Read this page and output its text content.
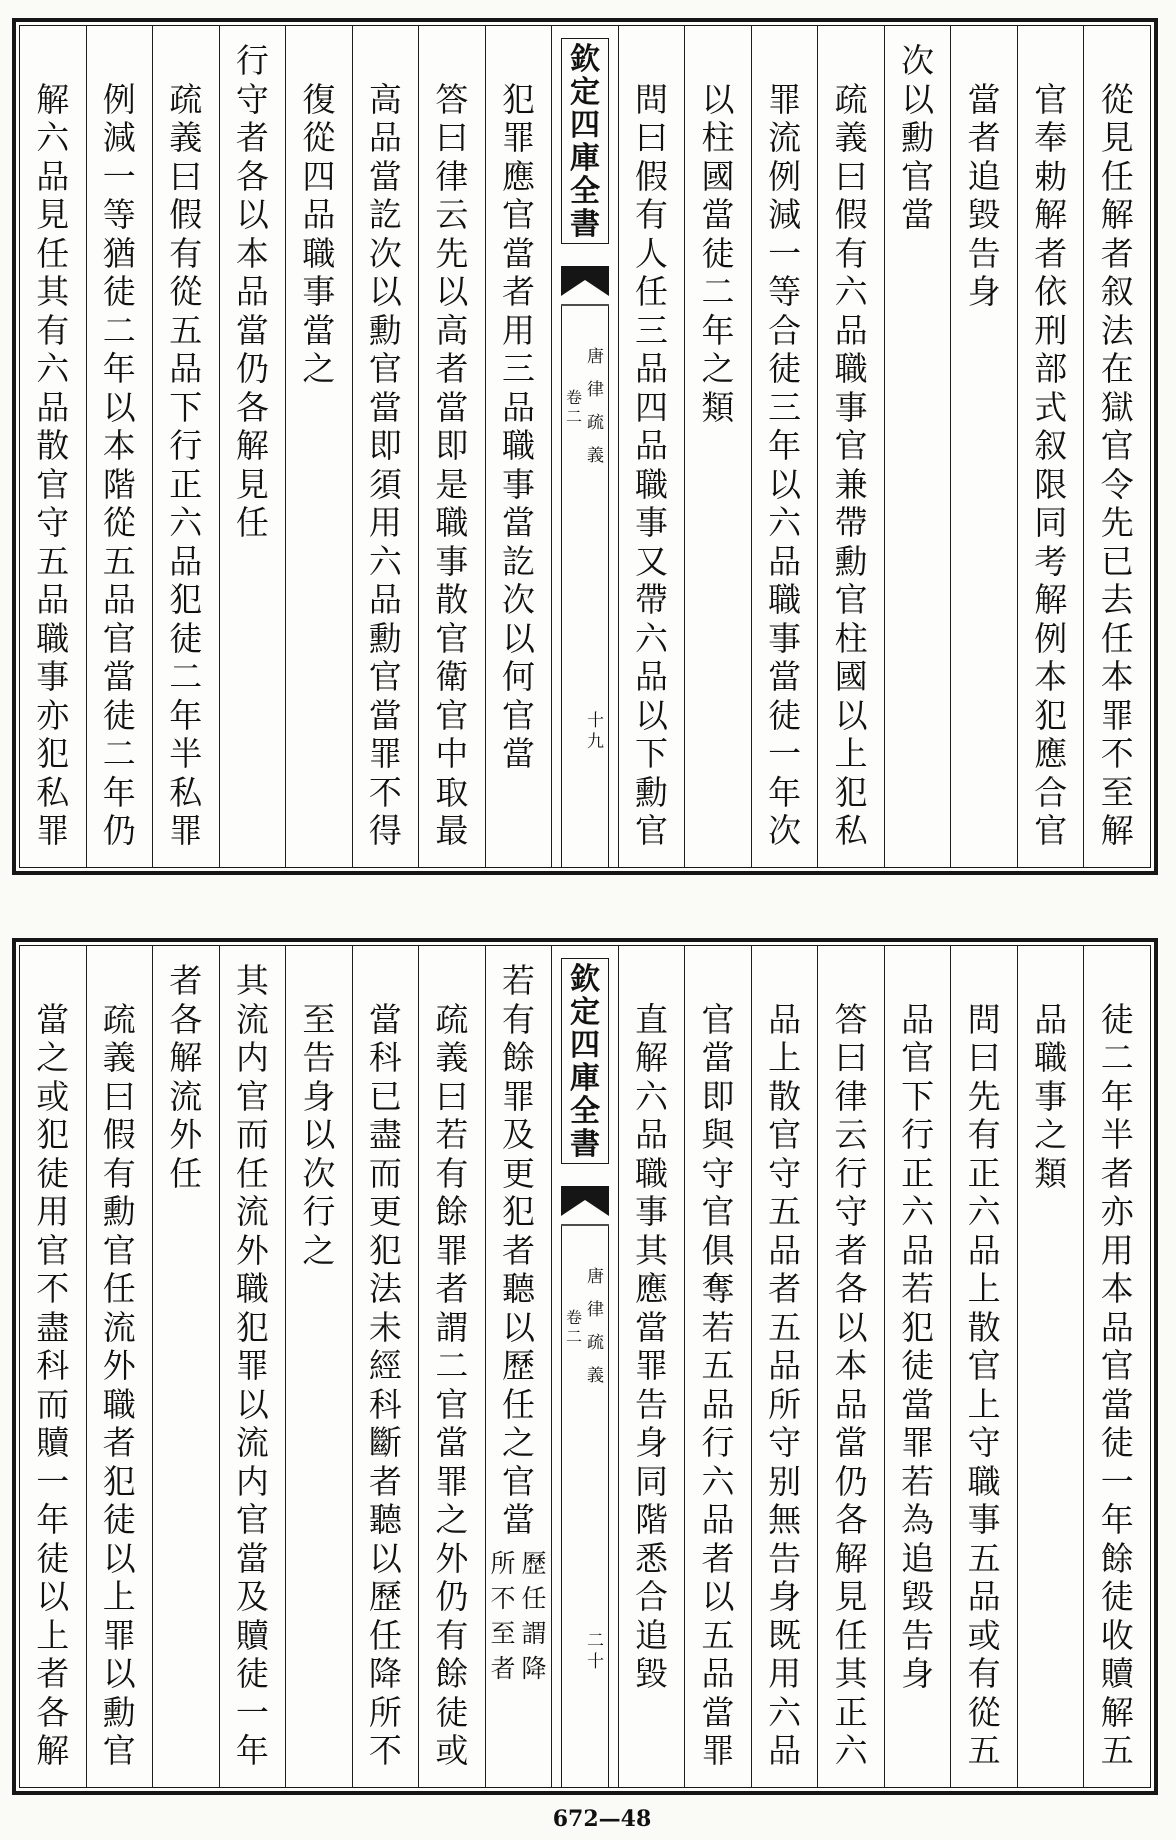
從見任解者叙法在獄官令先已去任本罪不至解
官奉勅解者依刑部式叙限同考解例本犯應合官
當者追毀告身
次以勳官當
疏義曰假有六品職事官兼帶勳官柱國以上犯私
罪流例減一等合徒三年以六品職事當徒一年次
以柱國當徒二年之類
問曰假有人任三品四品職事又帶六品以下勳官
欽定四庫全書
唐律疏義
卷二
十九
犯罪應官當者用三品職事當訖次以何官當
答曰律云先以高者當即是職事散官衛官中取最
高品當訖次以勳官當即須用六品勳官當罪不得
復從四品職事當之
行守者各以本品當仍各解見任
疏義曰假有從五品下行正六品犯徒二年半私罪
例減一等猶徒二年以本階從五品官當徒二年仍
解六品見任其有六品散官守五品職事亦犯私罪
徒二年半者亦用本品官當徒一年餘徒收贖解五
品職事之類
問曰先有正六品上散官上守職事五品或有從五
品官下行正六品若犯徒當罪若為追毀告身
答曰律云行守者各以本品當仍各解見任其正六
品上散官守五品者五品所守别無告身既用六品
官當即與守官俱奪若五品行六品者以五品當罪
直解六品職事其應當罪告身同階悉合追毀
欽定四庫全書
唐律疏義
卷二
二十
若有餘罪及更犯者聽以歷任之官當
歷任謂降
所不至者
疏義曰若有餘罪者謂二官當罪之外仍有餘徒或
當科已盡而更犯法未經科斷者聽以歷任降所不
至告身以次行之
其流内官而任流外職犯罪以流内官當及贖徒一年
者各解流外任
疏義曰假有勳官任流外職者犯徒以上罪以勳官
當之或犯徒用官不盡科而贖一年徒以上者各解
672—48
